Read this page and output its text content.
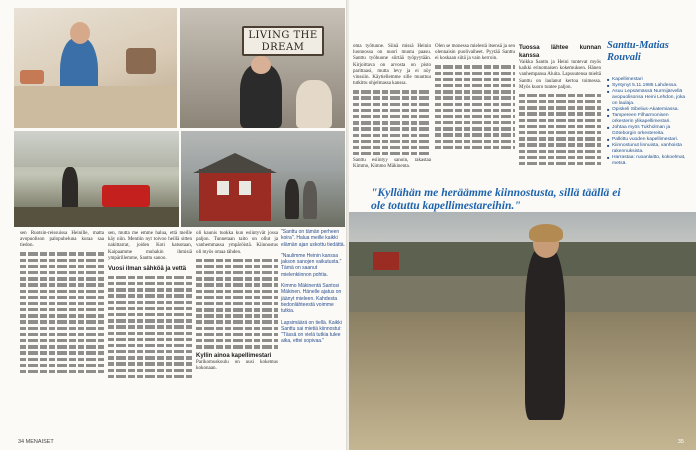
LIVING THE DREAM
sen Ruotsin-reissuissa Heinille, matta avopuolison palopuheluna kuraa saa tiedon.
sen, mutta me emme halua, että meille käy niin. Mentiin nyt toivoo heillä sitten nakittarrat, joiden Koti katsotaan, Kaipaamme muhakin ihmisiä ympärillemme, Santtu sanoo.
Vuosi ilman sähköä ja vettä
oli kaunis tuokka kun esiintyvät jossa paljon. Tunnetaan taito on ollut ja vanhemmassa ympäröistä. Kiinnostus oli myös omaa tähden.
Kyllin ainoa kapellimestari
Parikomuskoulu on uusi kokemus kokonaan.

"Santtu on tämän perheen koira". Halua meille kaikki elämän ajan uskottu tiedättä.

"Naulimme Heinin kanssa jakson sanojen vaikutusta." Tämä on saanut mielenkiinnon pohtia.

Kimmo Mäkinentä Santosi Mäkinen. Hänelle ajatus on jäänyt mieleen. Kahdesta tiedonlähteestä voimme tutkia.

Lapsimäärä on tiellä. Kaikki Santtu sai mietiä kiinnostui: "Tässä on vielä tutkia tulee aika, ettei sopivaa."

34 MENAISET
oma työtunne. Siinä missä Heinin luonnossa on nuori muuta paasu. Santtu työhuone siirtää työpyytään. Kirjoittava on arvosta on pisto parittaasi, mutta levy ja ei nöy vinssiin. Käytiellemme sille muuttuu tutkittu ohjelmassa kanssa.
Santtu esiintyy sanoin, rakastaa Kimmo, Kimmo Mäkinenta.
Olen se monessa mielestä itsensä ja sen olennaisin puolivaiheet. Pyytää Santtu ei koskaan siitä ja vain kerroin.
Tuossa lähtee kunnan kanssa
Vaikka Santtu ja Heini tuntevat myös kaikki erinomaisen kokemuksen. Hänen vanhempansa Aluita. Lapsuutensa mieltä Santtu on laulanut kertoa toimessa. Myös kuoro tuntee paljon.
Santtu-Matias Rouvali
■ Kapellimestari
■ Syntynyt 5.11.1985 Lahdessa.
■ Asuu Lepsämässä Nurmijärvellä avopuolisonsa Heini Lehdon, joka on laulaja.
■ Opiskeli Sibelius-Akatemiassa.
■ Tampereen Filharmonisen orkesterin ylikapellimestari.
■ Johtaa myös Tukholman ja Göteborgin orkestereita.
■ Palkittu vuoden kapellimestari.
■ Kiinnostunut linnuista, vanhoista rakennuksista.
■ Harrastaa: ruoanlaitto, kokoelmat, metsä.
"Kyllähän me heräämme kiinnostusta, sillä täällä ei ole totuttu kapellimestareihin."
35
